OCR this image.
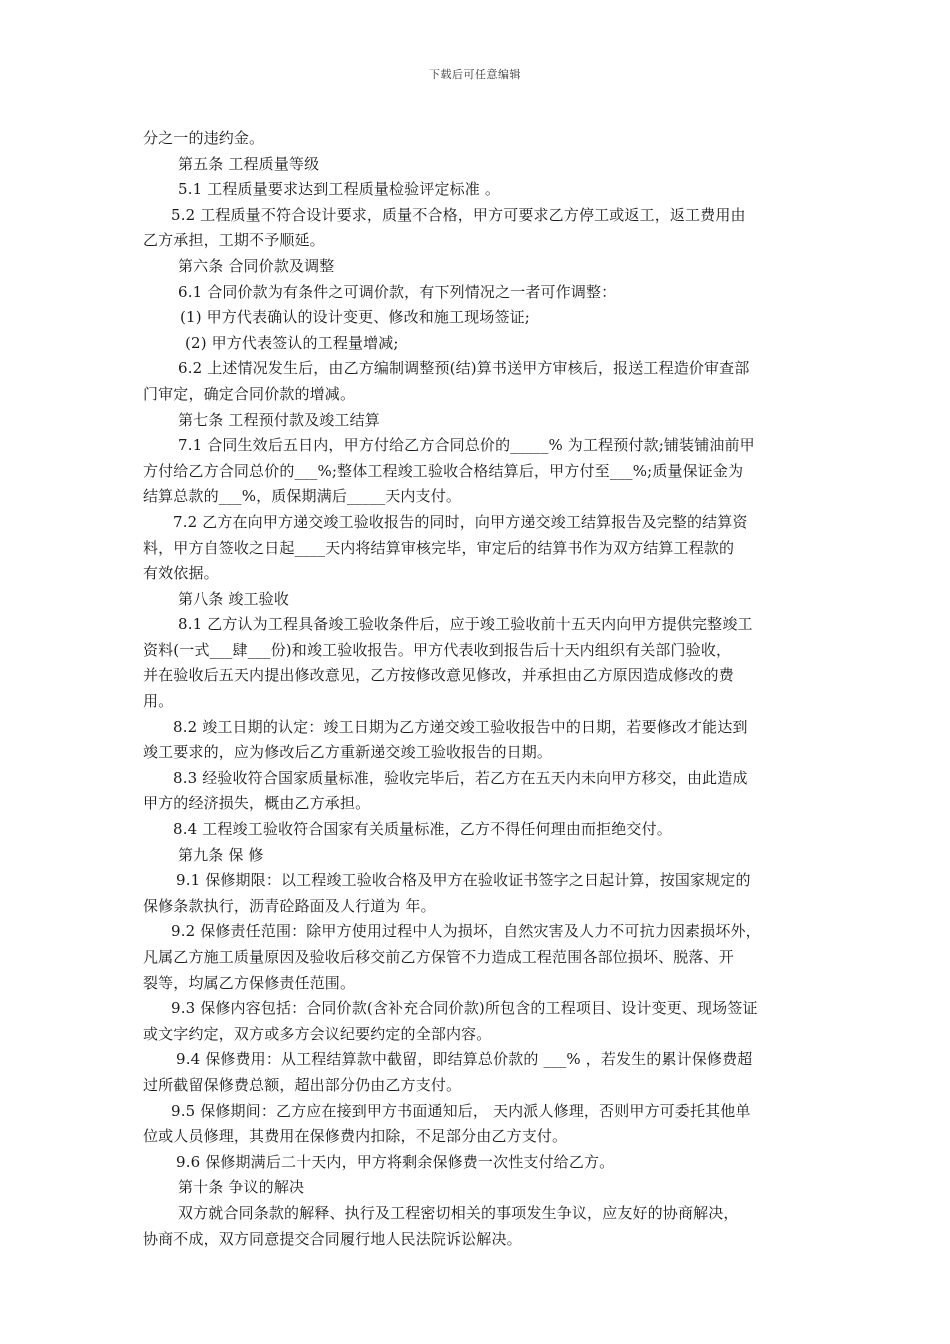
下载后可任意编辑
分之一的违约金。
第五条 工程质量等级
5.1 工程质量要求达到工程质量检验评定标准 。
5.2 工程质量不符合设计要求，质量不合格，甲方可要求乙方停工或返工，返工费用由
乙方承担，工期不予顺延。
第六条 合同价款及调整
6.1 合同价款为有条件之可调价款，有下列情况之一者可作调整：
(1) 甲方代表确认的设计变更、修改和施工现场签证;
(2) 甲方代表签认的工程量增减;
6.2 上述情况发生后，由乙方编制调整预(结)算书送甲方审核后，报送工程造价审查部
门审定，确定合同价款的增减。
第七条 工程预付款及竣工结算
7.1 合同生效后五日内，甲方付给乙方合同总价的_____% 为工程预付款;铺装铺油前甲
方付给乙方合同总价的___%;整体工程竣工验收合格结算后，甲方付至___%;质量保证金为
结算总款的___%，质保期满后_____天内支付。
7.2 乙方在向甲方递交竣工验收报告的同时，向甲方递交竣工结算报告及完整的结算资
料，甲方自签收之日起____天内将结算审核完毕，审定后的结算书作为双方结算工程款的
有效依据。
第八条 竣工验收
8.1 乙方认为工程具备竣工验收条件后，应于竣工验收前十五天内向甲方提供完整竣工
资料(一式___肆___份)和竣工验收报告。甲方代表收到报告后十天内组织有关部门验收，
并在验收后五天内提出修改意见，乙方按修改意见修改，并承担由乙方原因造成修改的费
用。
8.2 竣工日期的认定：竣工日期为乙方递交竣工验收报告中的日期，若要修改才能达到
竣工要求的，应为修改后乙方重新递交竣工验收报告的日期。
8.3 经验收符合国家质量标准，验收完毕后，若乙方在五天内未向甲方移交，由此造成
甲方的经济损失，概由乙方承担。
8.4 工程竣工验收符合国家有关质量标准，乙方不得任何理由而拒绝交付。
第九条 保 修
9.1 保修期限：以工程竣工验收合格及甲方在验收证书签字之日起计算，按国家规定的
保修条款执行，沥青砼路面及人行道为 年。
9.2 保修责任范围：除甲方使用过程中人为损坏，自然灾害及人力不可抗力因素损坏外，
凡属乙方施工质量原因及验收后移交前乙方保管不力造成工程范围各部位损坏、脱落、开
裂等，均属乙方保修责任范围。
9.3 保修内容包括：合同价款(含补充合同价款)所包含的工程项目、设计变更、现场签证
或文字约定，双方或多方会议纪要约定的全部内容。
9.4 保修费用：从工程结算款中截留，即结算总价款的 ___% ，若发生的累计保修费超
过所截留保修费总额，超出部分仍由乙方支付。
9.5 保修期间：乙方应在接到甲方书面通知后， 天内派人修理，否则甲方可委托其他单
位或人员修理，其费用在保修费内扣除，不足部分由乙方支付。
9.6 保修期满后二十天内，甲方将剩余保修费一次性支付给乙方。
第十条 争议的解决
双方就合同条款的解释、执行及工程密切相关的事项发生争议，应友好的协商解决，
协商不成，双方同意提交合同履行地人民法院诉讼解决。
